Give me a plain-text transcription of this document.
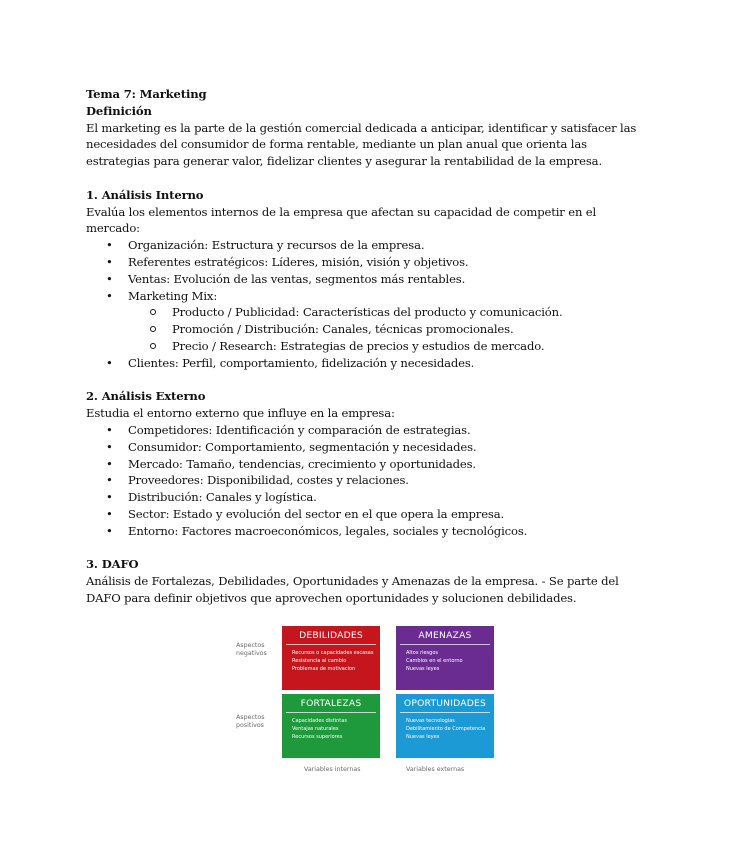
Tema 7: Marketing
Definición
El marketing es la parte de la gestión comercial dedicada a anticipar, identificar y satisfacer las
necesidades del consumidor de forma rentable, mediante un plan anual que orienta las
estrategias para generar valor, fidelizar clientes y asegurar la rentabilidad de la empresa.
1. Análisis Interno
Evalúa los elementos internos de la empresa que afectan su capacidad de competir en el
mercado:
• Organización: Estructura y recursos de la empresa.
• Referentes estratégicos: Líderes, misión, visión y objetivos.
• Ventas: Evolución de las ventas, segmentos más rentables.
• Marketing Mix:
Producto / Publicidad: Características del producto y comunicación.
Promoción / Distribución: Canales, técnicas promocionales.
Precio / Research: Estrategias de precios y estudios de mercado.
• Clientes: Perfil, comportamiento, fidelización y necesidades.
2. Análisis Externo
Estudia el entorno externo que influye en la empresa:
• Competidores: Identificación y comparación de estrategias.
• Consumidor: Comportamiento, segmentación y necesidades.
• Mercado: Tamaño, tendencias, crecimiento y oportunidades.
• Proveedores: Disponibilidad, costes y relaciones.
• Distribución: Canales y logística.
• Sector: Estado y evolución del sector en el que opera la empresa.
• Entorno: Factores macroeconómicos, legales, sociales y tecnológicos.
3. DAFO
Análisis de Fortalezas, Debilidades, Oportunidades y Amenazas de la empresa. - Se parte del
DAFO para definir objetivos que aprovechen oportunidades y solucionen debilidades.
Aspectos
negativos
Aspectos
positivos
DEBILIDADES
Recursos o capacidades escasas
Resistencia al cambio
Problemas de motivacion
AMENAZAS
Altos riesgos
Cambios en el entorno
Nuevas leyes
FORTALEZAS
Capacidades distintas
Ventajas naturales
Recursos superiores
OPORTUNIDADES
Nuevas tecnologias
Debilitamiento de Competencia
Nuevas leyes
Variables internas	Variables externas
